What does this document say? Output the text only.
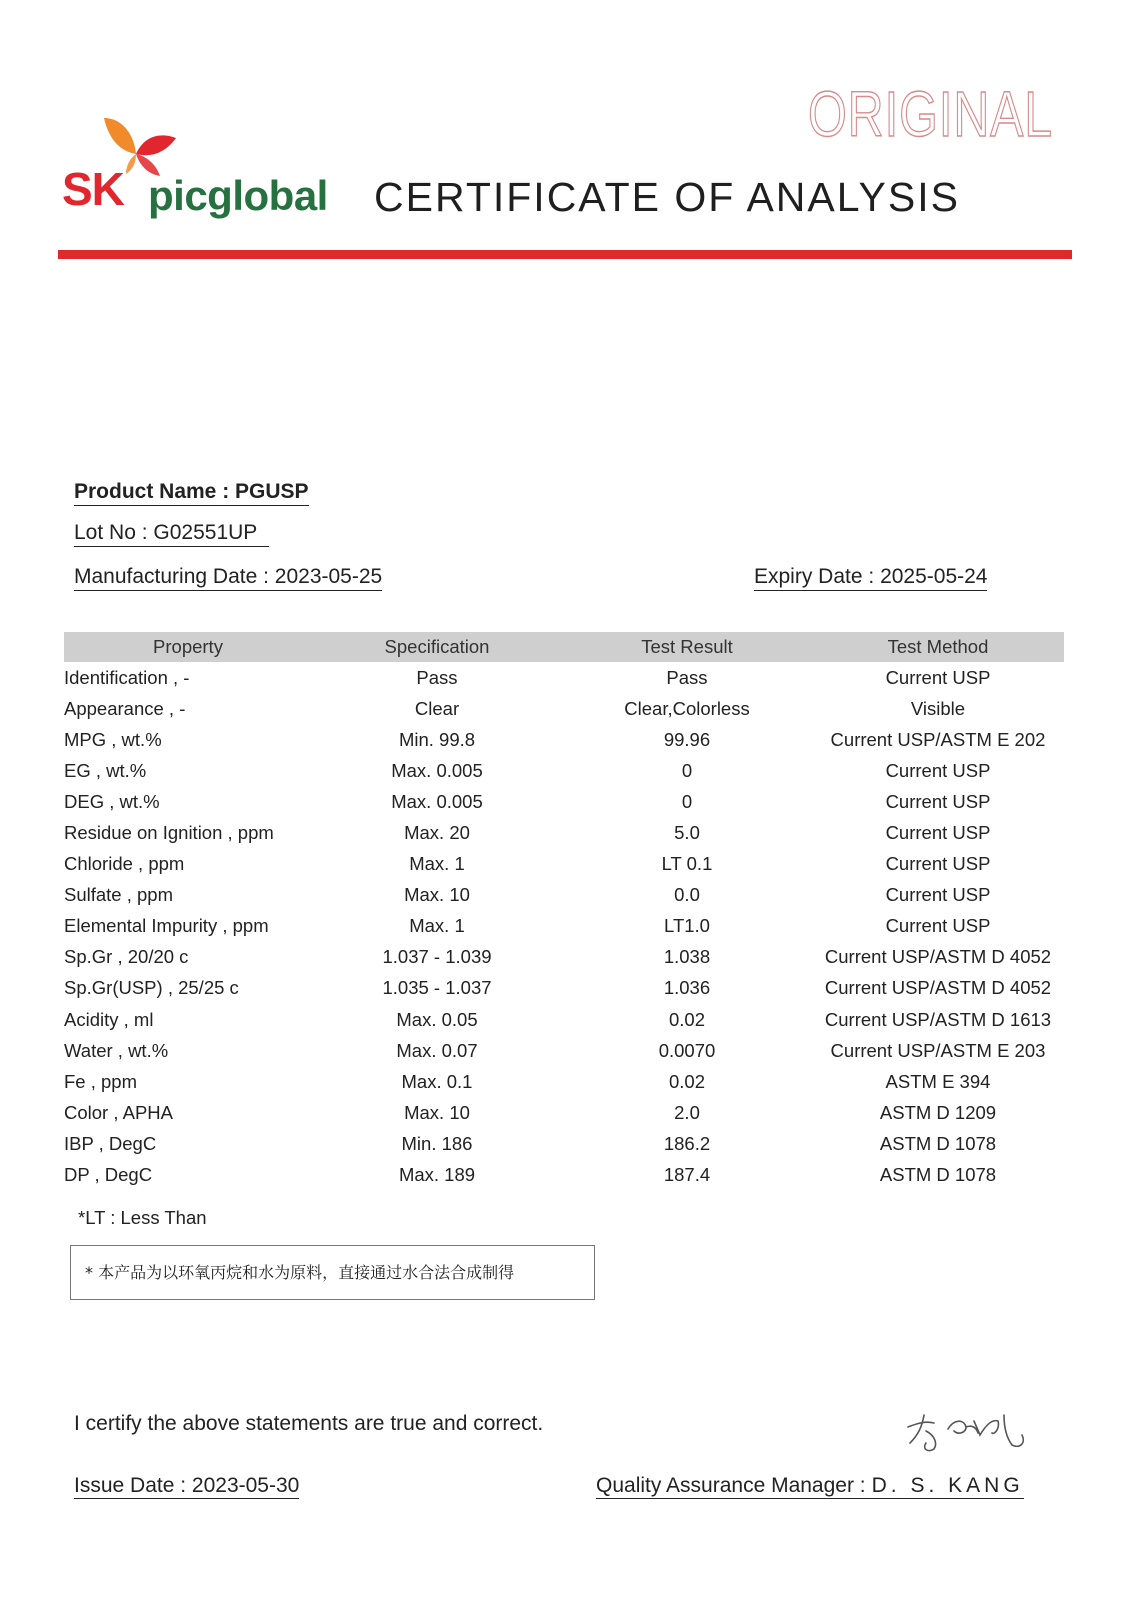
ORIGINAL
SK picglobal CERTIFICATE OF ANALYSIS
Product Name : PGUSP
Lot No : G02551UP
Manufacturing Date : 2023-05-25	Expiry Date : 2025-05-24
Property	Specification	Test Result	Test Method
Identification , -	Pass	Pass	Current USP
Appearance , -	Clear	Clear,Colorless	Visible
MPG , wt.%	Min. 99.8	99.96	Current USP/ASTM E 202
EG , wt.%	Max. 0.005	0	Current USP
DEG , wt.%	Max. 0.005	0	Current USP
Residue on Ignition , ppm	Max. 20	5.0	Current USP
Chloride , ppm	Max. 1	LT 0.1	Current USP
Sulfate , ppm	Max. 10	0.0	Current USP
Elemental Impurity , ppm	Max. 1	LT1.0	Current USP
Sp.Gr , 20/20 c	1.037 - 1.039	1.038	Current USP/ASTM D 4052
Sp.Gr(USP) , 25/25 c	1.035 - 1.037	1.036	Current USP/ASTM D 4052
Acidity , ml	Max. 0.05	0.02	Current USP/ASTM D 1613
Water , wt.%	Max. 0.07	0.0070	Current USP/ASTM E 203
Fe , ppm	Max. 0.1	0.02	ASTM E 394
Color , APHA	Max. 10	2.0	ASTM D 1209
IBP , DegC	Min. 186	186.2	ASTM D 1078
DP , DegC	Max. 189	187.4	ASTM D 1078
*LT : Less Than
* 本产品为以环氧丙烷和水为原料，直接通过水合法合成制得
I certify the above statements are true and correct.
Issue Date : 2023-05-30	Quality Assurance Manager : D. S. KANG
